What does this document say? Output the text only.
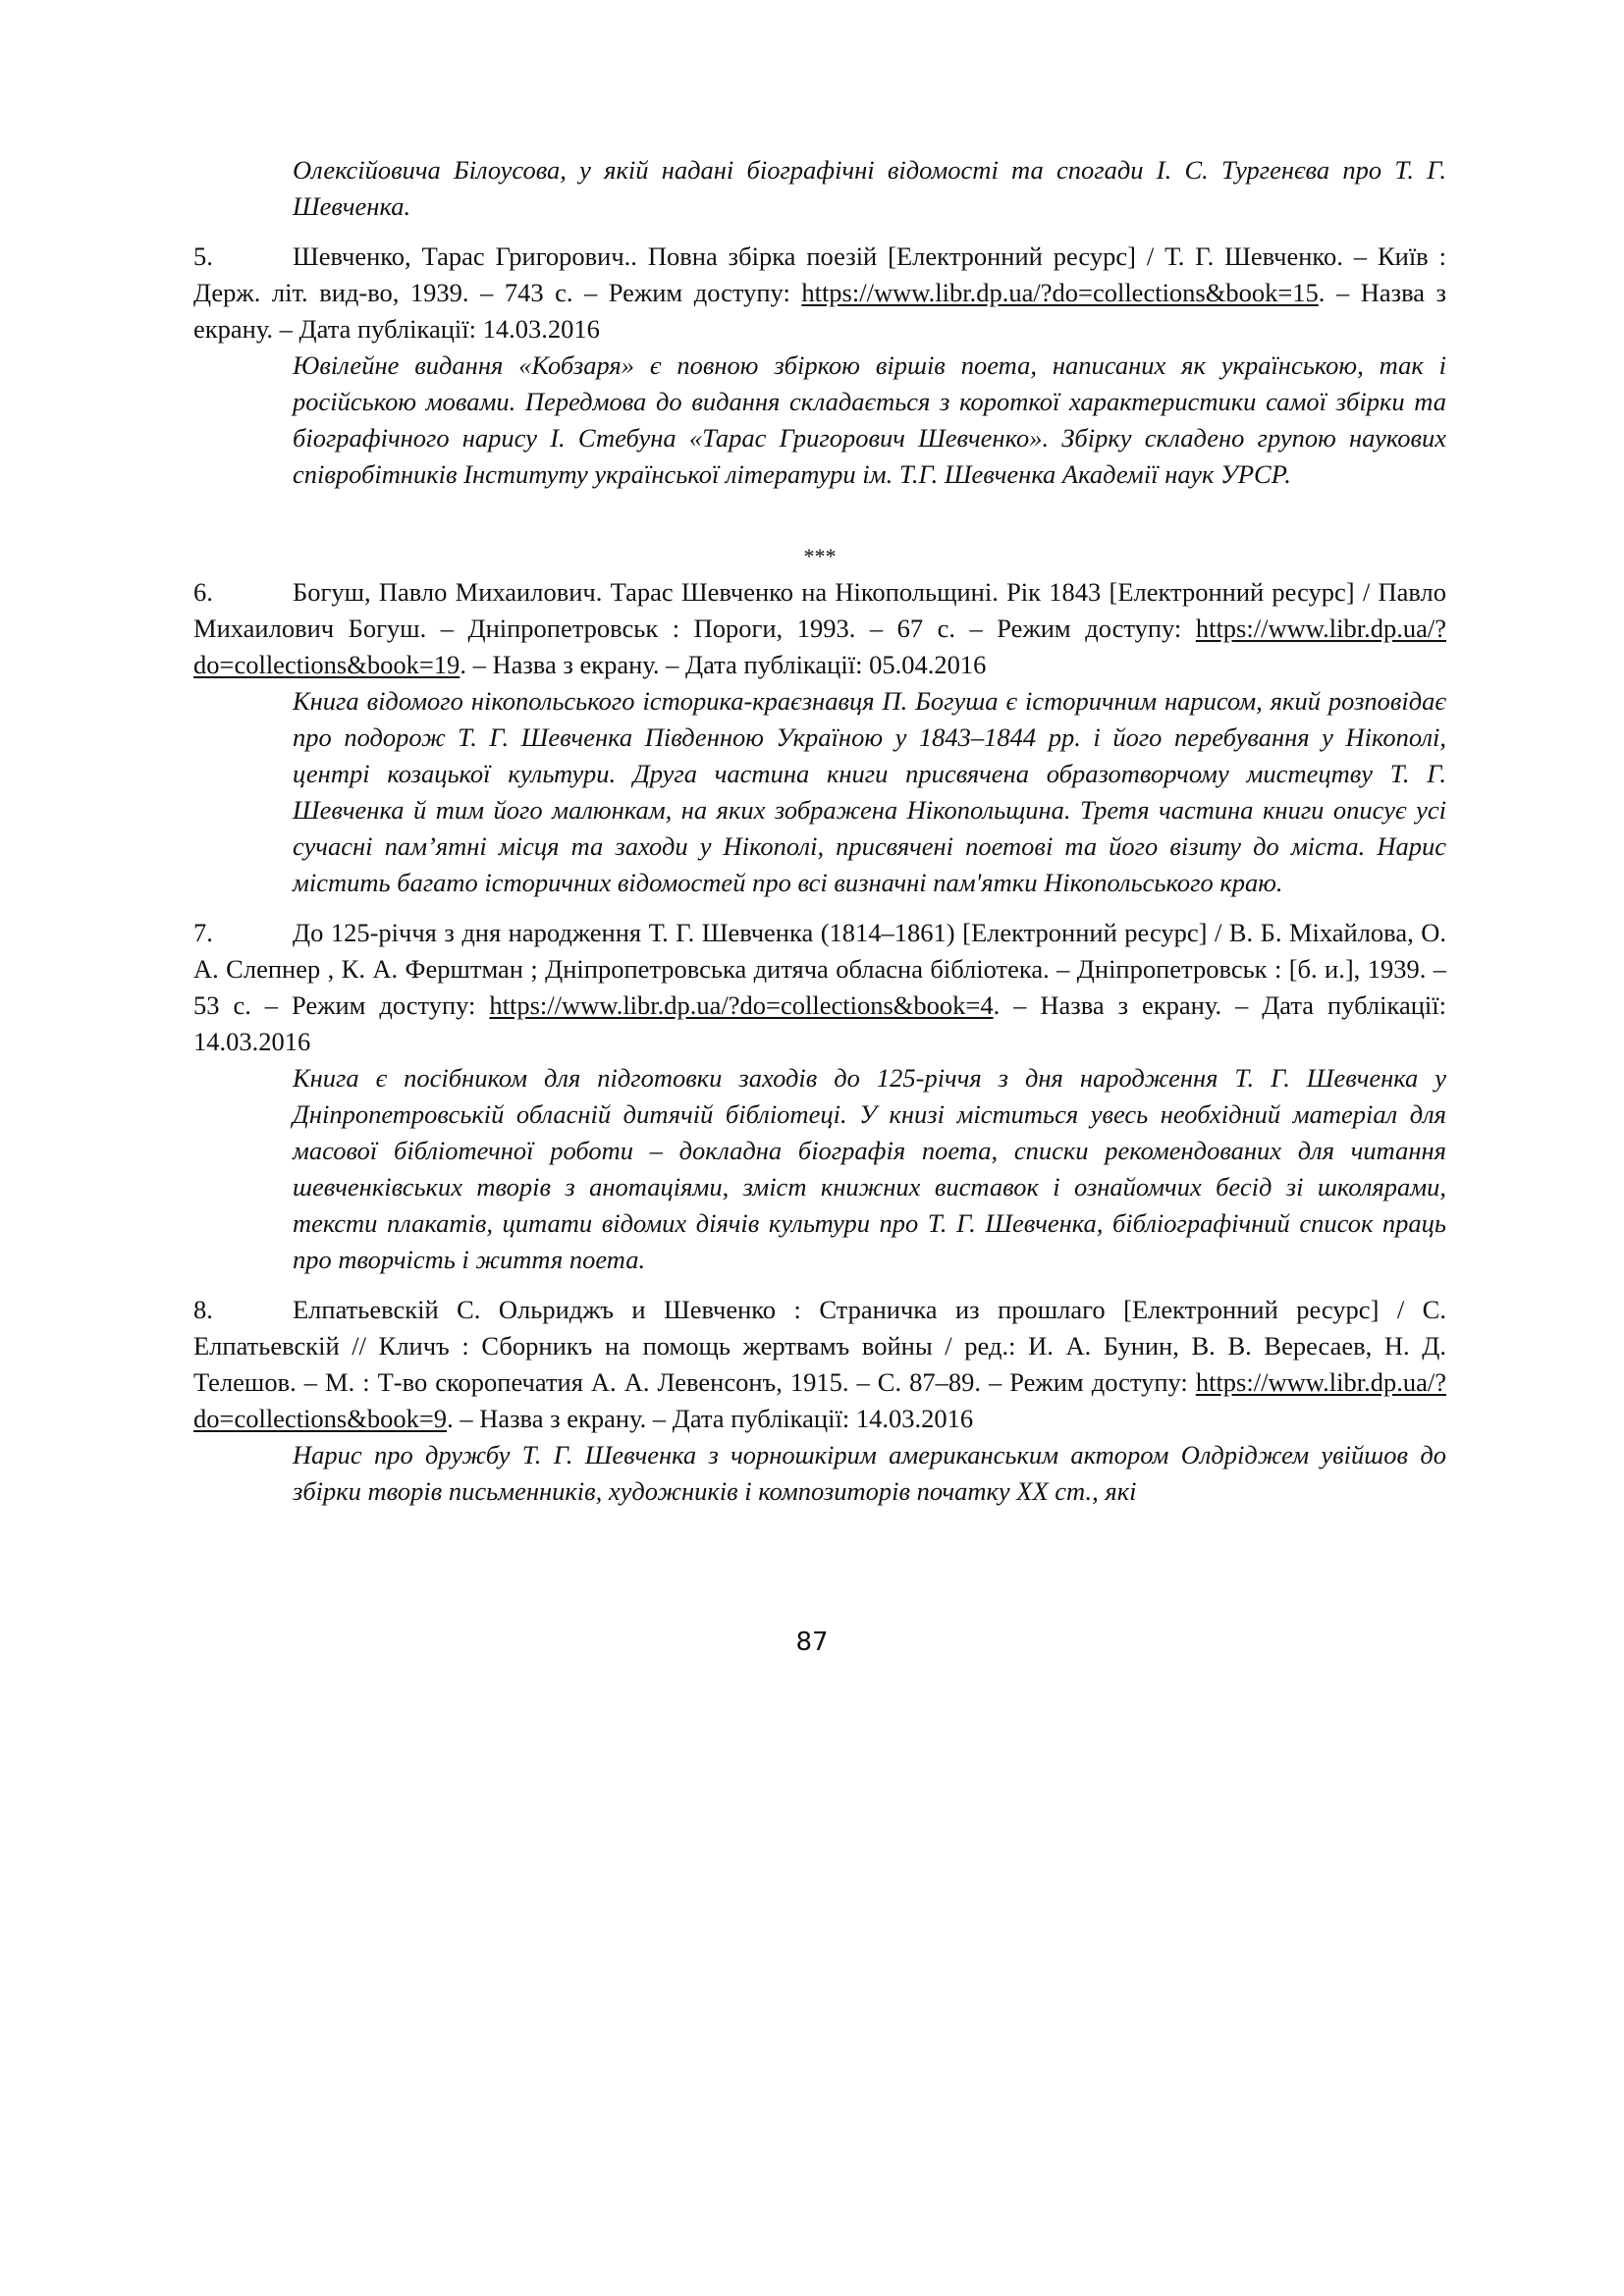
Олексійовича Білоусова, у якій надані біографічні відомості та спогади І. С. Тургенєва про Т. Г. Шевченка.
5.	Шевченко, Тарас Григорович.. Повна збірка поезій [Електронний ресурс] / Т. Г. Шевченко. – Київ : Держ. літ. вид-во, 1939. – 743 с. – Режим доступу: https://www.libr.dp.ua/?do=collections&book=15. – Назва з екрану. – Дата публікації: 14.03.2016
Ювілейне видання «Кобзаря» є повною збіркою віршів поета, написаних як українською, так і російською мовами. Передмова до видання складається з короткої характеристики самої збірки та біографічного нарису І. Стебуна «Тарас Григорович Шевченко». Збірку складено групою наукових співробітників Інституту української літератури ім. Т.Г. Шевченка Академії наук УРСР.
***
6.	Богуш, Павло Михаилович. Тарас Шевченко на Нікопольщині. Рік 1843 [Електронний ресурс] / Павло Михаилович Богуш. – Дніпропетровськ : Пороги, 1993. – 67 с. – Режим доступу: https://www.libr.dp.ua/?do=collections&book=19. – Назва з екрану. – Дата публікації: 05.04.2016
Книга відомого нікопольського історика-краєзнавця П. Богуша є історичним нарисом, який розповідає про подорож Т. Г. Шевченка Південною Україною у 1843–1844 рр. і його перебування у Нікополі, центрі козацької культури. Друга частина книги присвячена образотворчому мистецтву Т. Г. Шевченка й тим його малюнкам, на яких зображена Нікопольщина. Третя частина книги описує усі сучасні пам’ятні місця та заходи у Нікополі, присвячені поетові та його візиту до міста. Нарис містить багато історичних відомостей про всі визначні пам'ятки Нікопольського краю.
7.	До 125-річчя з дня народження Т. Г. Шевченка (1814–1861) [Електронний ресурс] / В. Б. Міхайлова, О. А. Слепнер , К. А. Ферштман ; Дніпропетровська дитяча обласна бібліотека. – Дніпропетровськ : [б. и.], 1939. – 53 с. – Режим доступу: https://www.libr.dp.ua/?do=collections&book=4. – Назва з екрану. – Дата публікації: 14.03.2016
Книга є посібником для підготовки заходів до 125-річчя з дня народження Т. Г. Шевченка у Дніпропетровській обласній дитячій бібліотеці. У книзі міститься увесь необхідний матеріал для масової бібліотечної роботи – докладна біографія поета, списки рекомендованих для читання шевченківських творів з анотаціями, зміст книжних виставок і ознайомчих бесід зі школярами, тексти плакатів, цитати відомих діячів культури про Т. Г. Шевченка, бібліографічний список праць про творчість і життя поета.
8.	Елпатьевскій С. Ольриджъ и Шевченко : Страничка из прошлаго [Електронний ресурс] / С. Елпатьевскій // Кличъ : Сборникъ на помощь жертвамъ войны / ред.: И. А. Бунин, В. В. Вересаев, Н. Д. Телешов. – М. : Т-во скоропечатия А. А. Левенсонъ, 1915. – С. 87–89. – Режим доступу: https://www.libr.dp.ua/?do=collections&book=9. – Назва з екрану. – Дата публікації: 14.03.2016
Нарис про дружбу Т. Г. Шевченка з чорношкірим американським актором Олдріджем увійшов до збірки творів письменників, художників і композиторів початку XX ст., які
87
